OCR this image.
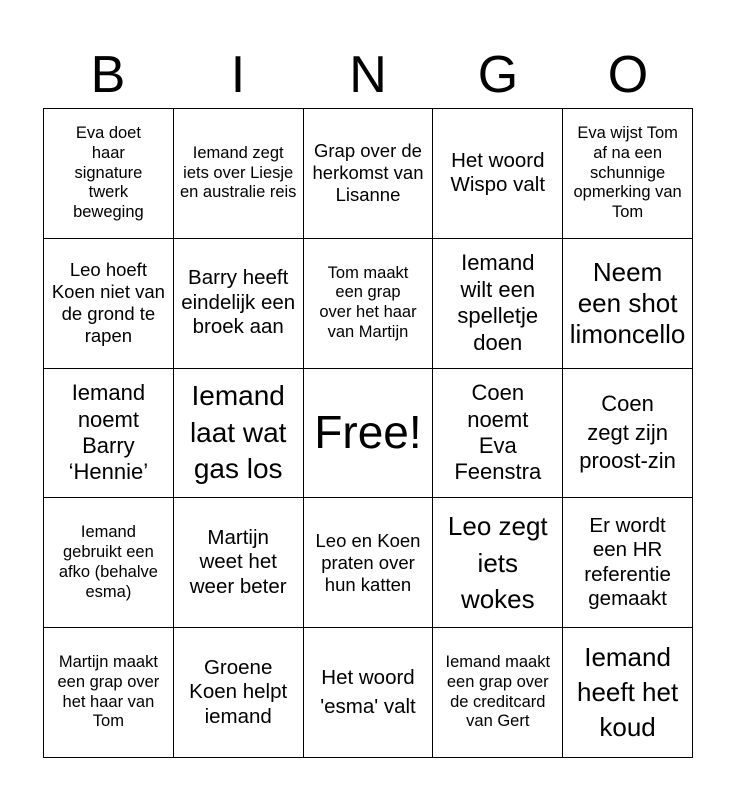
B	I	N	G	O
Eva doet haar signature twerk beweging
Iemand zegt iets over Liesje en australie reis
Grap over de herkomst van Lisanne
Het woord Wispo valt
Eva wijst Tom af na een schunnige opmerking van Tom
Leo hoeft Koen niet van de grond te rapen
Barry heeft eindelijk een broek aan
Tom maakt een grap over het haar van Martijn
Iemand wilt een spelletje doen
Neem een shot limoncello
Iemand noemt Barry ‘Hennie’
Iemand laat wat gas los
Free!
Coen noemt Eva Feenstra
Coen zegt zijn proost-zin
Iemand gebruikt een afko (behalve esma)
Martijn weet het weer beter
Leo en Koen praten over hun katten
Leo zegt iets wokes
Er wordt een HR referentie gemaakt
Martijn maakt een grap over het haar van Tom
Groene Koen helpt iemand
Het woord 'esma' valt
Iemand maakt een grap over de creditcard van Gert
Iemand heeft het koud
